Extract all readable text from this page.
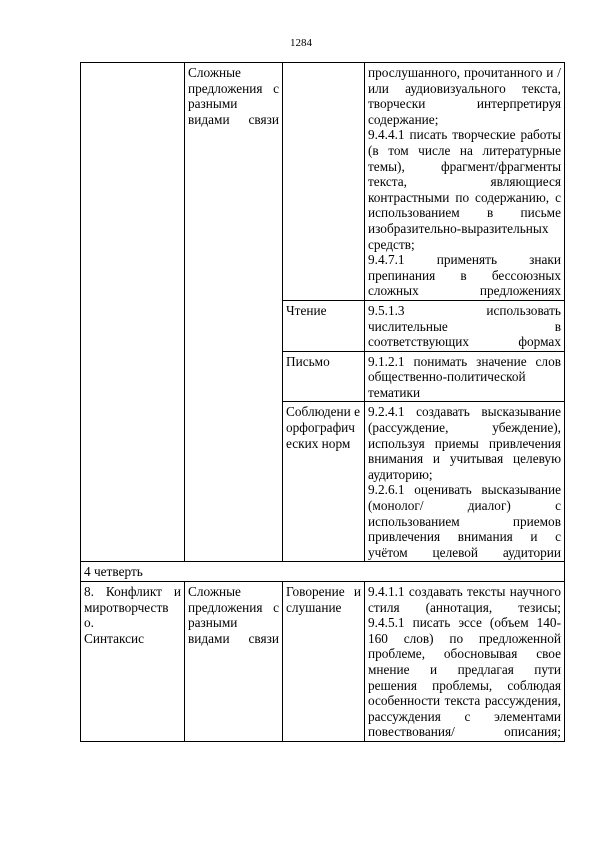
1284

	Сложные предложения с разными видами связи		прослушанного, прочитанного и / или аудиовизуального текста, творчески интерпретируя содержание;
9.4.4.1 писать творческие работы (в том числе на литературные темы), фрагмент/фрагменты текста, являющиеся контрастными по содержанию, с использованием в письме изобразительно-выразительных средств;
9.4.7.1 применять знаки препинания в бессоюзных сложных предложениях

		Чтение	9.5.1.3 использовать числительные в соответствующих формах

		Письмо	9.1.2.1 понимать значение слов общественно-политической тематики

		Соблюдени е орфографич еских норм	9.2.4.1 создавать высказывание (рассуждение, убеждение), используя приемы привлечения внимания и учитывая целевую аудиторию;
9.2.6.1 оценивать высказывание (монолог/ диалог) с использованием приемов привлечения внимания и с учётом целевой аудитории

4 четверть			

8. Конфликт и миротворчеств о.
Синтаксис	Сложные предложения с разными видами связи	Говорение и слушание	9.4.1.1 создавать тексты научного стиля (аннотация, тезисы;
9.4.5.1 писать эссе (объем 140-160 слов) по предложенной проблеме, обосновывая свое мнение и предлагая пути решения проблемы, соблюдая особенности текста рассуждения, рассуждения с элементами повествования/ описания;
